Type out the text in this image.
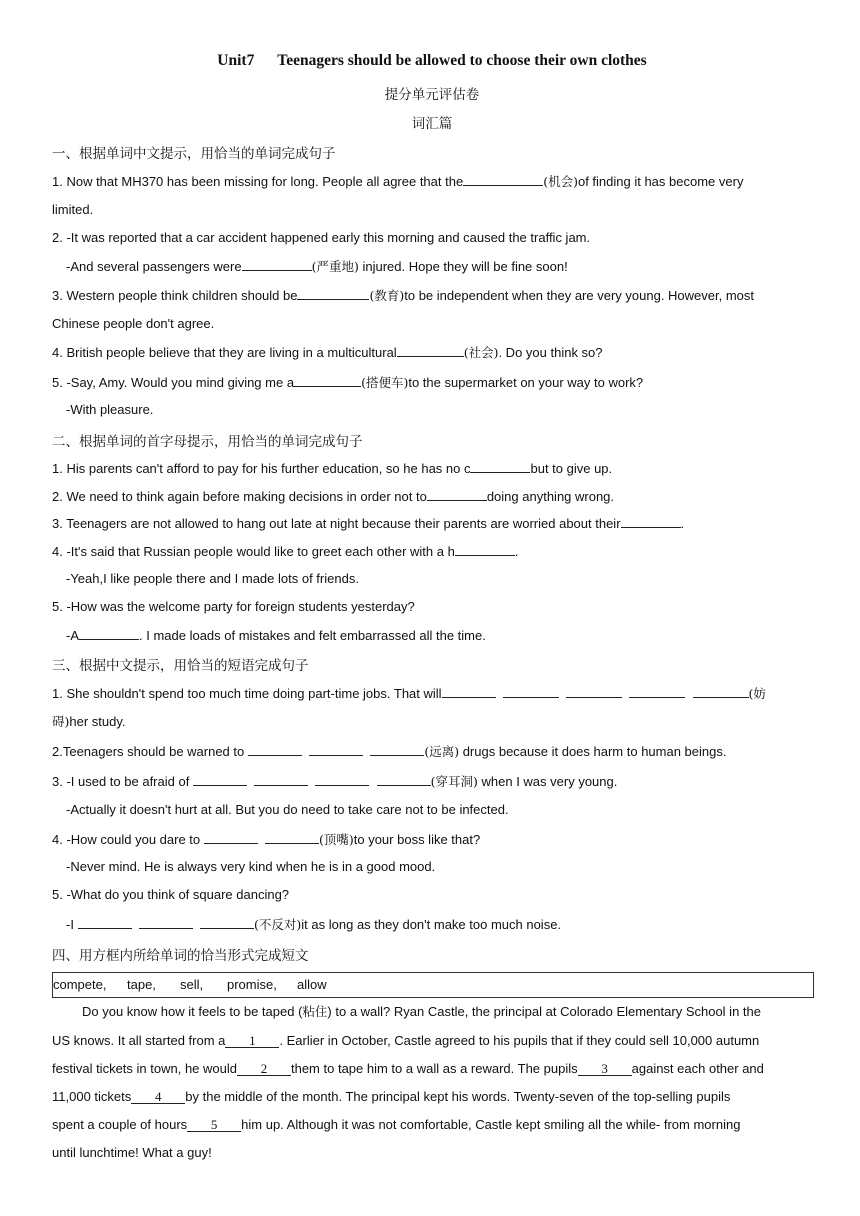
Unit7      Teenagers should be allowed to choose their own clothes
提分单元评估卷
词汇篇
一、根据单词中文提示，用恰当的单词完成句子
1. Now that MH370 has been missing for long. People all agree that the	(机会)of finding it has become very
limited.
2. -It was reported that a car accident happened early this morning and caused the traffic jam.
-And several passengers were	(严重地) injured. Hope they will be fine soon!
3. Western people think children should be	(教育)to be independent when they are very young. However, most
Chinese people don't agree.
4. British people believe that they are living in a multicultural	(社会). Do you think so?
5. -Say, Amy. Would you mind giving me a	(搭便车)to the supermarket on your way to work?
-With pleasure.
二、根据单词的首字母提示，用恰当的单词完成句子
1. His parents can't afford to pay for his further education, so he has no c	but to give up.
2. We need to think again before making decisions in order not to	doing anything wrong.
3. Teenagers are not allowed to hang out late at night because their parents are worried about their	.
4. -It's said that Russian people would like to greet each other with a h	.
-Yeah,I like people there and I made lots of friends.
5. -How was the welcome party for foreign students yesterday?
-A	. I made loads of mistakes and felt embarrassed all the time.
三、根据中文提示，用恰当的短语完成句子
1. She shouldn't spend too much time doing part-time jobs. That will	(妨
碍)her study.
2.Teenagers should be warned to	(远离) drugs because it does harm to human beings.
3. -I used to be afraid of	(穿耳洞) when I was very young.
-Actually it doesn't hurt at all. But you do need to take care not to be infected.
4. -How could you dare to	(顶嘴)to your boss like that?
-Never mind. He is always very kind when he is in a good mood.
5. -What do you think of square dancing?
-I	(不反对)it as long as they don't make too much noise.
四、用方框内所给单词的恰当形式完成短文
compete, tape, sell, promise, allow
Do you know how it feels to be taped (粘住) to a wall? Ryan Castle, the principal at Colorado Elementary School in the
US knows. It all started from a 1 . Earlier in October, Castle agreed to his pupils that if they could sell 10,000 autumn
festival tickets in town, he would 2 them to tape him to a wall as a reward. The pupils 3 against each other and
11,000 tickets 4 by the middle of the month. The principal kept his words. Twenty-seven of the top-selling pupils
spent a couple of hours 5 him up. Although it was not comfortable, Castle kept smiling all the while- from morning
until lunchtime! What a guy!
